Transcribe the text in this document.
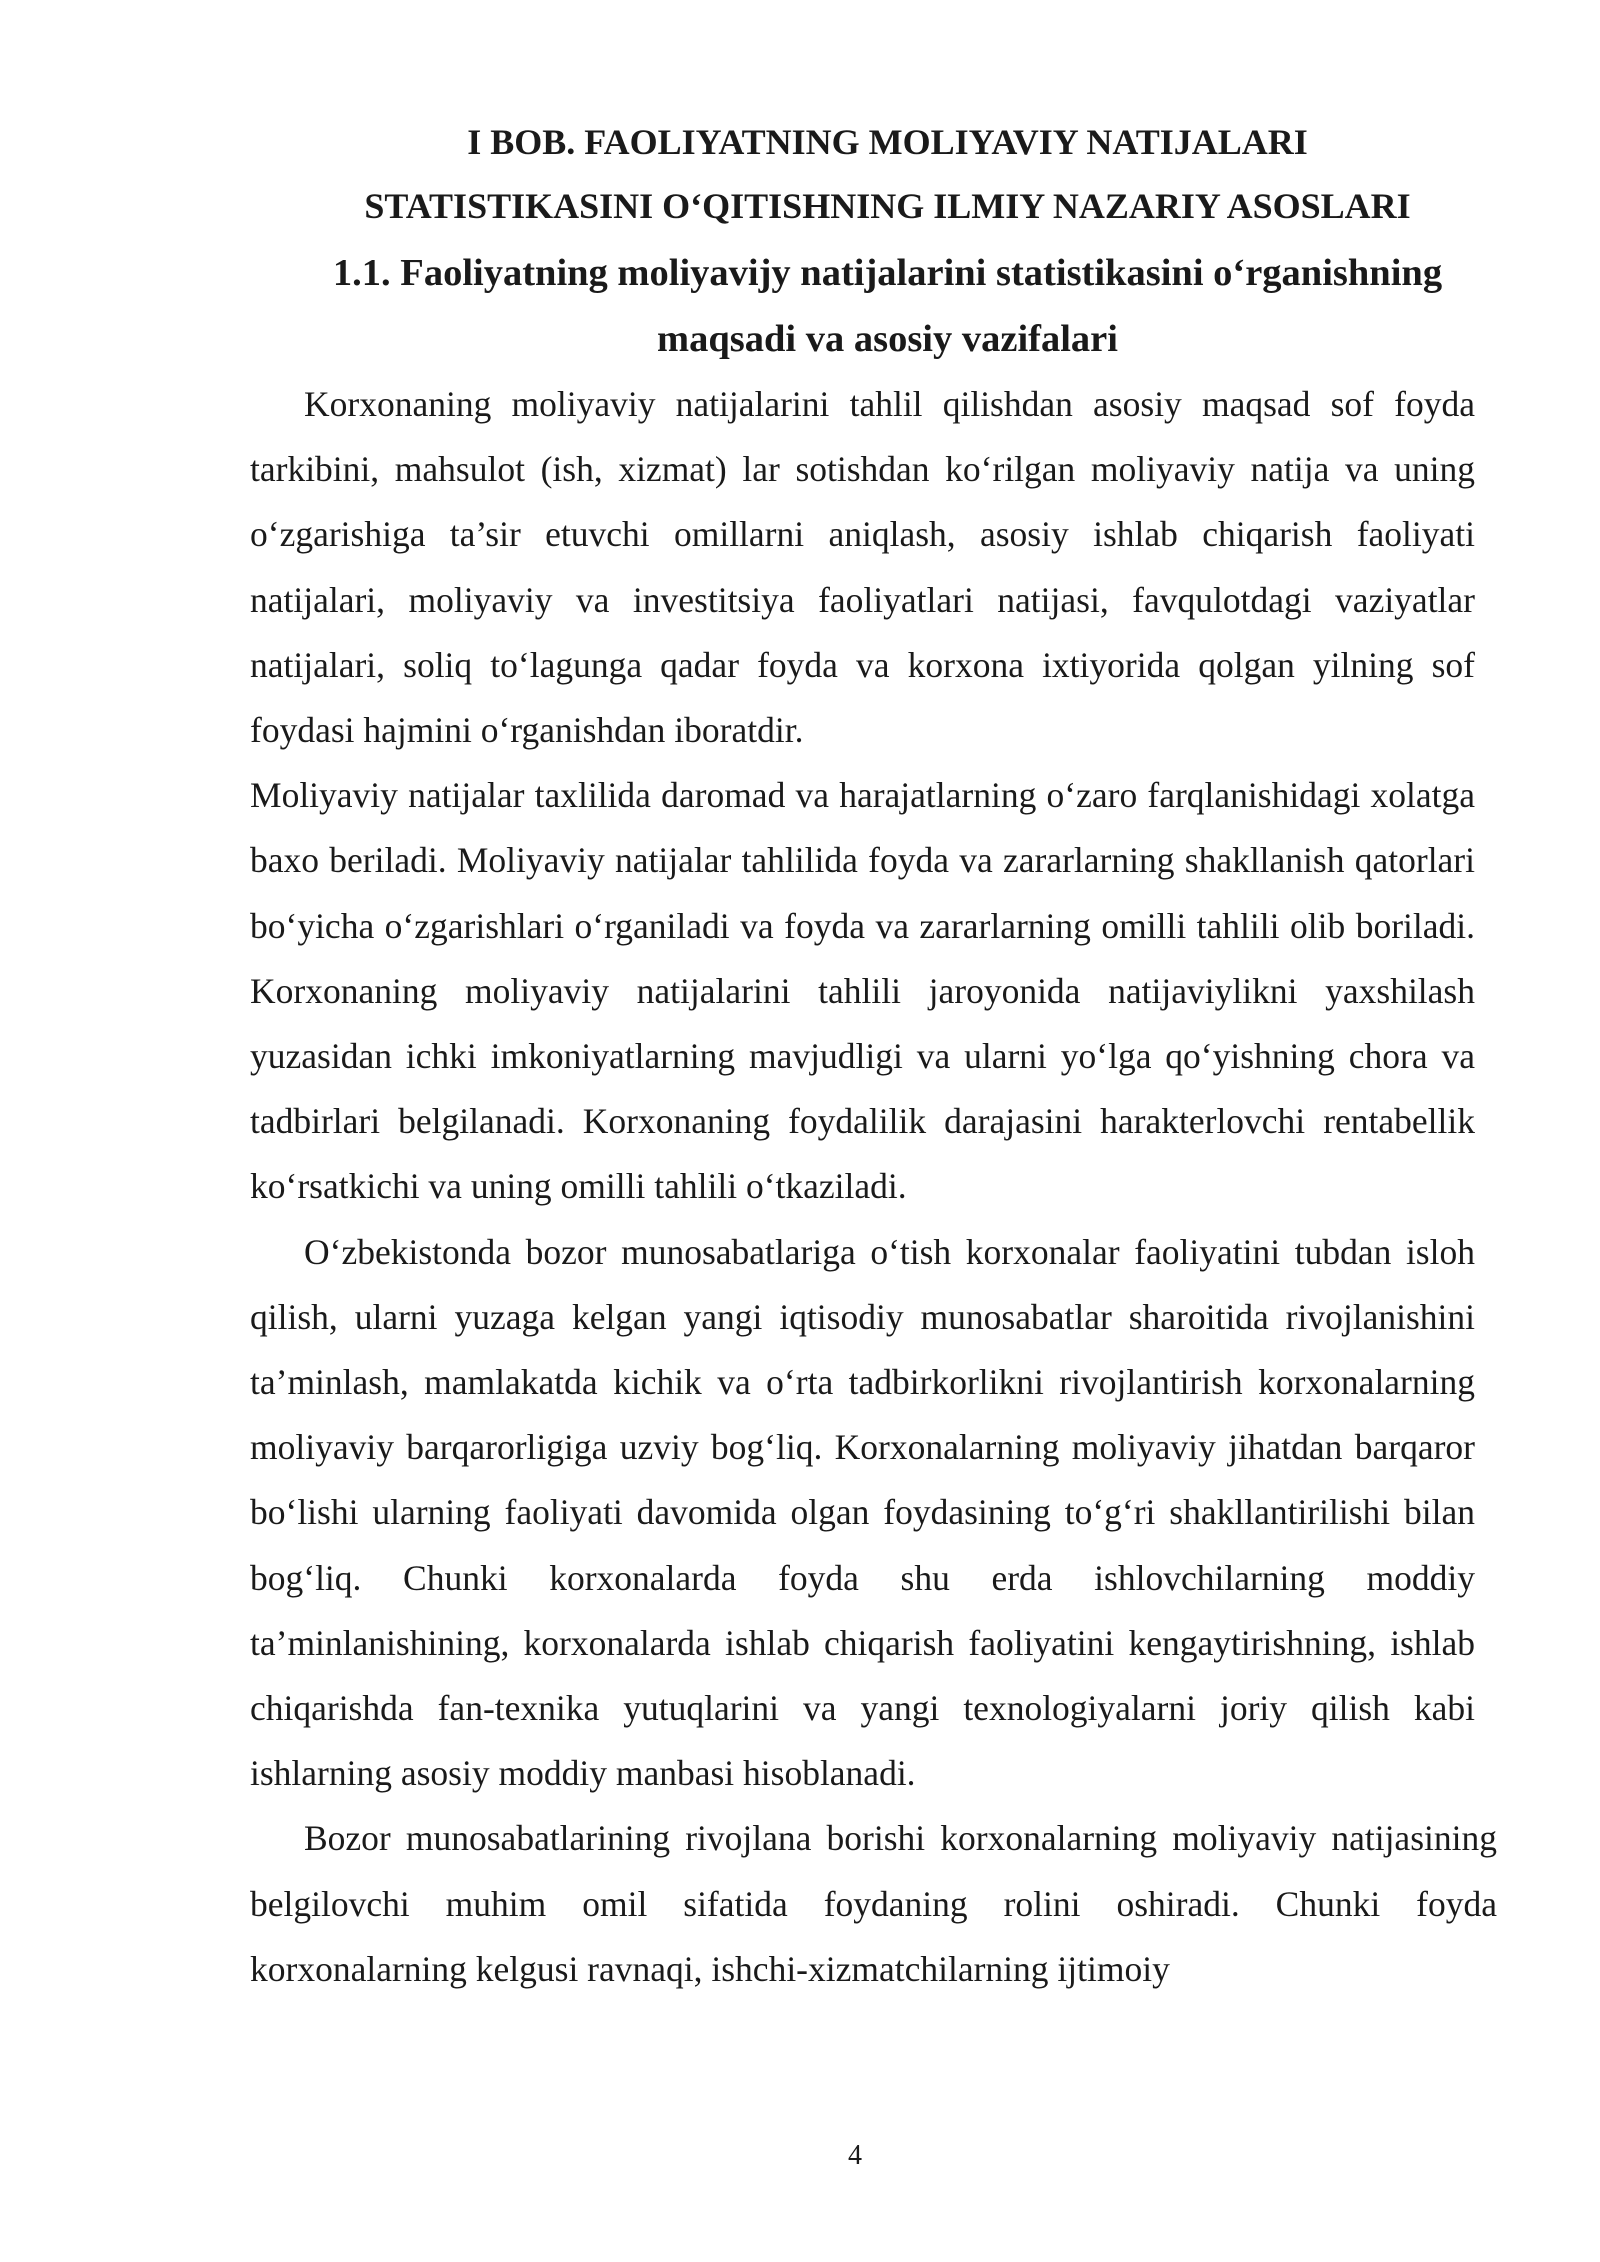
I BOB. FAOLIYATNING MOLIYAVIY NATIJALARI
STATISTIKASINI O‘QITISHNING ILMIY NAZARIY ASOSLARI
1.1. Faoliyatning moliyavijy natijalarini statistikasini o‘rganishning
maqsadi va asosiy vazifalari

Korxonaning moliyaviy natijalarini tahlil qilishdan asosiy maqsad sof foyda tarkibini, mahsulot (ish, xizmat) lar sotishdan ko‘rilgan moliyaviy natija va uning o‘zgarishiga ta’sir etuvchi omillarni aniqlash, asosiy ishlab chiqarish faoliyati natijalari, moliyaviy va investitsiya faoliyatlari natijasi, favqulotdagi vaziyatlar natijalari, soliq to‘lagunga qadar foyda va korxona ixtiyorida qolgan yilning sof foydasi hajmini o‘rganishdan iboratdir.

Moliyaviy natijalar taxlilida daromad va harajatlarning o‘zaro farqlanishidagi xolatga baxo beriladi. Moliyaviy natijalar tahlilida foyda va zararlarning shakllanish qatorlari bo‘yicha o‘zgarishlari o‘rganiladi va foyda va zararlarning omilli tahlili olib boriladi. Korxonaning moliyaviy natijalarini tahlili jaroyonida natijaviylikni yaxshilash yuzasidan ichki imkoniyatlarning mavjudligi va ularni yo‘lga qo‘yishning chora va tadbirlari belgilanadi. Korxonaning foydalilik darajasini harakterlovchi rentabellik ko‘rsatkichi va uning omilli tahlili o‘tkaziladi.

O‘zbekistonda bozor munosabatlariga o‘tish korxonalar faoliyatini tubdan isloh qilish, ularni yuzaga kelgan yangi iqtisodiy munosabatlar sharoitida rivojlanishini ta’minlash, mamlakatda kichik va o‘rta tadbirkorlikni rivojlantirish korxonalarning moliyaviy barqarorligiga uzviy bog‘liq. Korxonalarning moliyaviy jihatdan barqaror bo‘lishi ularning faoliyati davomida olgan foydasining to‘g‘ri shakllantirilishi bilan bog‘liq. Chunki korxonalarda foyda shu erda ishlovchilarning moddiy ta’minlanishining, korxonalarda ishlab chiqarish faoliyatini kengaytirishning, ishlab chiqarishda fan-texnika yutuqlarini va yangi texnologiyalarni joriy qilish kabi ishlarning asosiy moddiy manbasi hisoblanadi.

Bozor munosabatlarining rivojlana borishi korxonalarning moliyaviy natijasining belgilovchi muhim omil sifatida foydaning rolini oshiradi. Chunki foyda korxonalarning kelgusi ravnaqi, ishchi-xizmatchilarning ijtimoiy

4
